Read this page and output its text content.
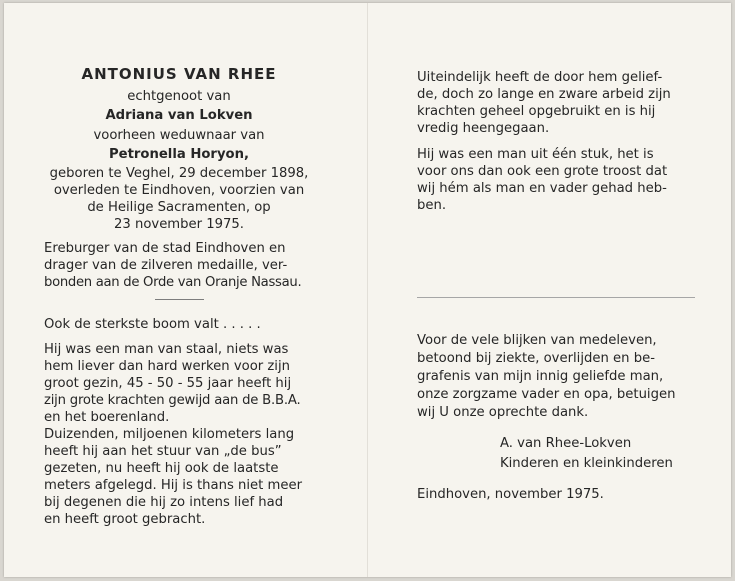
ANTONIUS VAN RHEE
echtgenoot van
Adriana van Lokven
voorheen weduwnaar van
Petronella Horyon,
geboren te Veghel, 29 december 1898,
overleden te Eindhoven, voorzien van
de Heilige Sacramenten, op
23 november 1975.
Ereburger van de stad Eindhoven en
drager van de zilveren medaille, ver-
bonden aan de Orde van Oranje Nassau.
Ook de sterkste boom valt . . . . .
Hij was een man van staal, niets was
hem liever dan hard werken voor zijn
groot gezin, 45 - 50 - 55 jaar heeft hij
zijn grote krachten gewijd aan de B.B.A.
en het boerenland.
Duizenden, miljoenen kilometers lang
heeft hij aan het stuur van „de bus”
gezeten, nu heeft hij ook de laatste
meters afgelegd. Hij is thans niet meer
bij degenen die hij zo intens lief had
en heeft groot gebracht.
Uiteindelijk heeft de door hem gelief-
de, doch zo lange en zware arbeid zijn
krachten geheel opgebruikt en is hij
vredig heengegaan.
Hij was een man uit één stuk, het is
voor ons dan ook een grote troost dat
wij hém als man en vader gehad heb-
ben.
Voor de vele blijken van medeleven,
betoond bij ziekte, overlijden en be-
grafenis van mijn innig geliefde man,
onze zorgzame vader en opa, betuigen
wij U onze oprechte dank.
A. van Rhee-Lokven
Kinderen en kleinkinderen
Eindhoven, november 1975.
